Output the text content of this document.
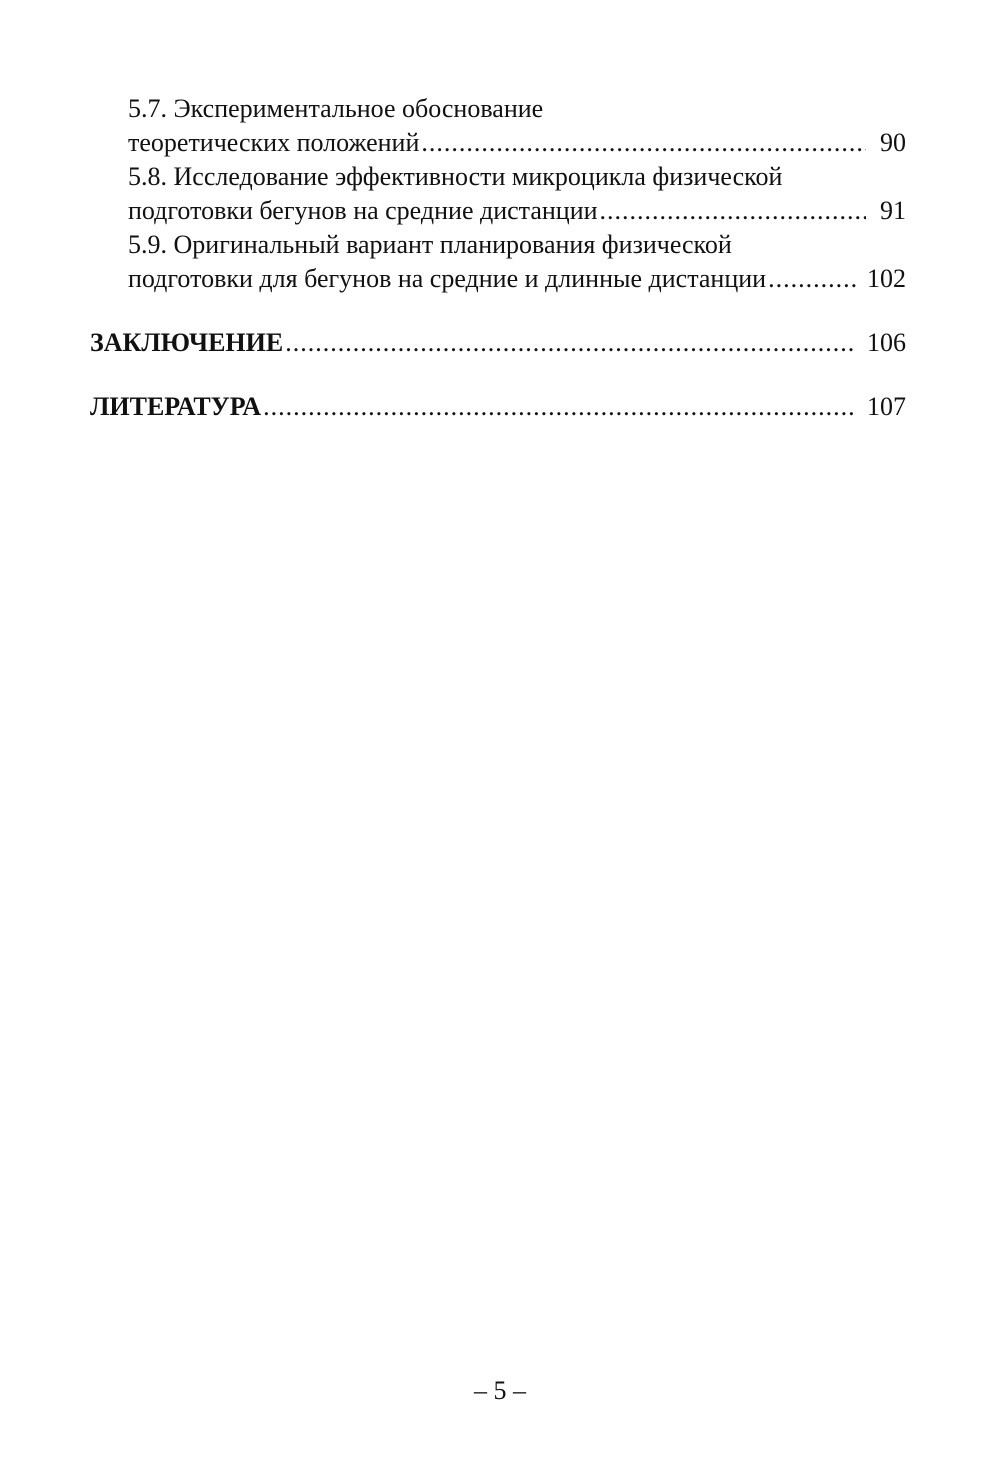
5.7. Экспериментальное обоснование
теоретических положений .....	90
5.8. Исследование эффективности микроцикла физической
подготовки бегунов на средние дистанции .....	91
5.9. Оригинальный вариант планирования физической
подготовки для бегунов на средние и длинные дистанции .....	102
ЗАКЛЮЧЕНИЕ .....	106
ЛИТЕРАТУРА .....	107
– 5 –
